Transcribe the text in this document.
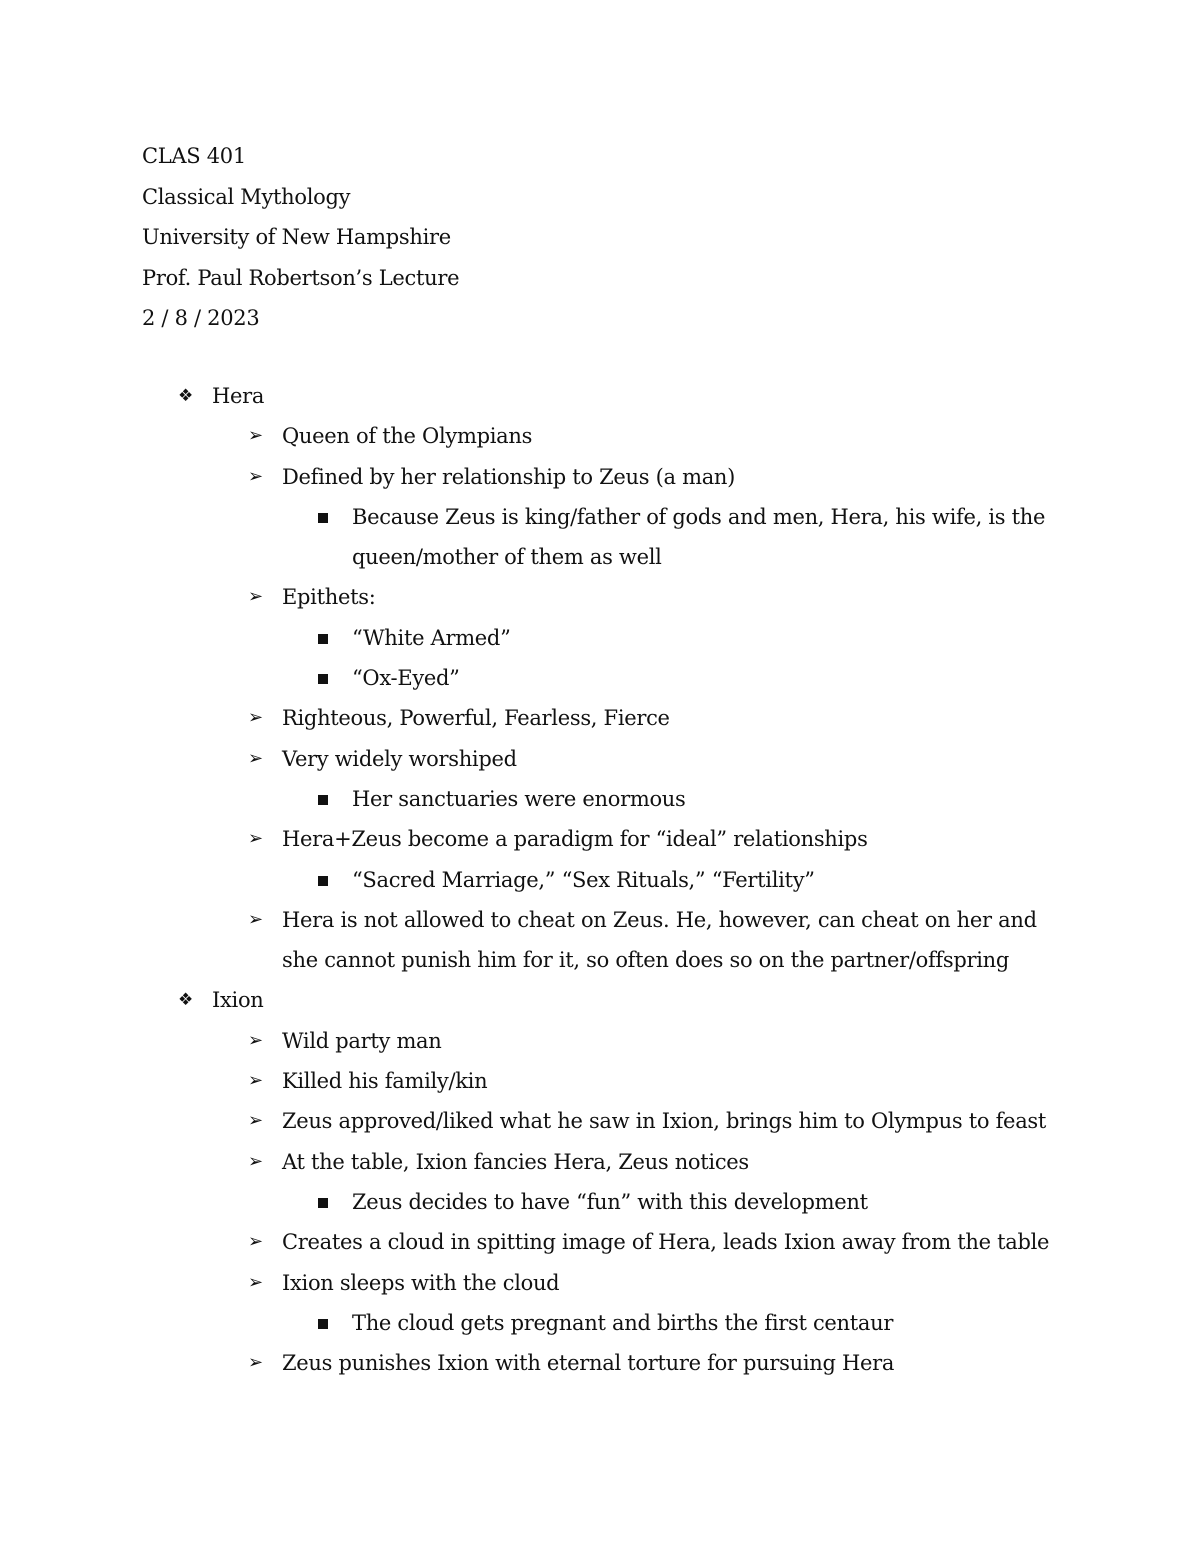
CLAS 401
Classical Mythology
University of New Hampshire
Prof. Paul Robertson’s Lecture
2 / 8 / 2023
❖ Hera
➢ Queen of the Olympians
➢ Defined by her relationship to Zeus (a man)
Because Zeus is king/father of gods and men, Hera, his wife, is the
queen/mother of them as well
➢ Epithets:
“White Armed”
“Ox-Eyed”
➢ Righteous, Powerful, Fearless, Fierce
➢ Very widely worshiped
Her sanctuaries were enormous
➢ Hera+Zeus become a paradigm for “ideal” relationships
“Sacred Marriage,” “Sex Rituals,” “Fertility”
➢ Hera is not allowed to cheat on Zeus. He, however, can cheat on her and
she cannot punish him for it, so often does so on the partner/offspring
❖ Ixion
➢ Wild party man
➢ Killed his family/kin
➢ Zeus approved/liked what he saw in Ixion, brings him to Olympus to feast
➢ At the table, Ixion fancies Hera, Zeus notices
Zeus decides to have “fun” with this development
➢ Creates a cloud in spitting image of Hera, leads Ixion away from the table
➢ Ixion sleeps with the cloud
The cloud gets pregnant and births the first centaur
➢ Zeus punishes Ixion with eternal torture for pursuing Hera
